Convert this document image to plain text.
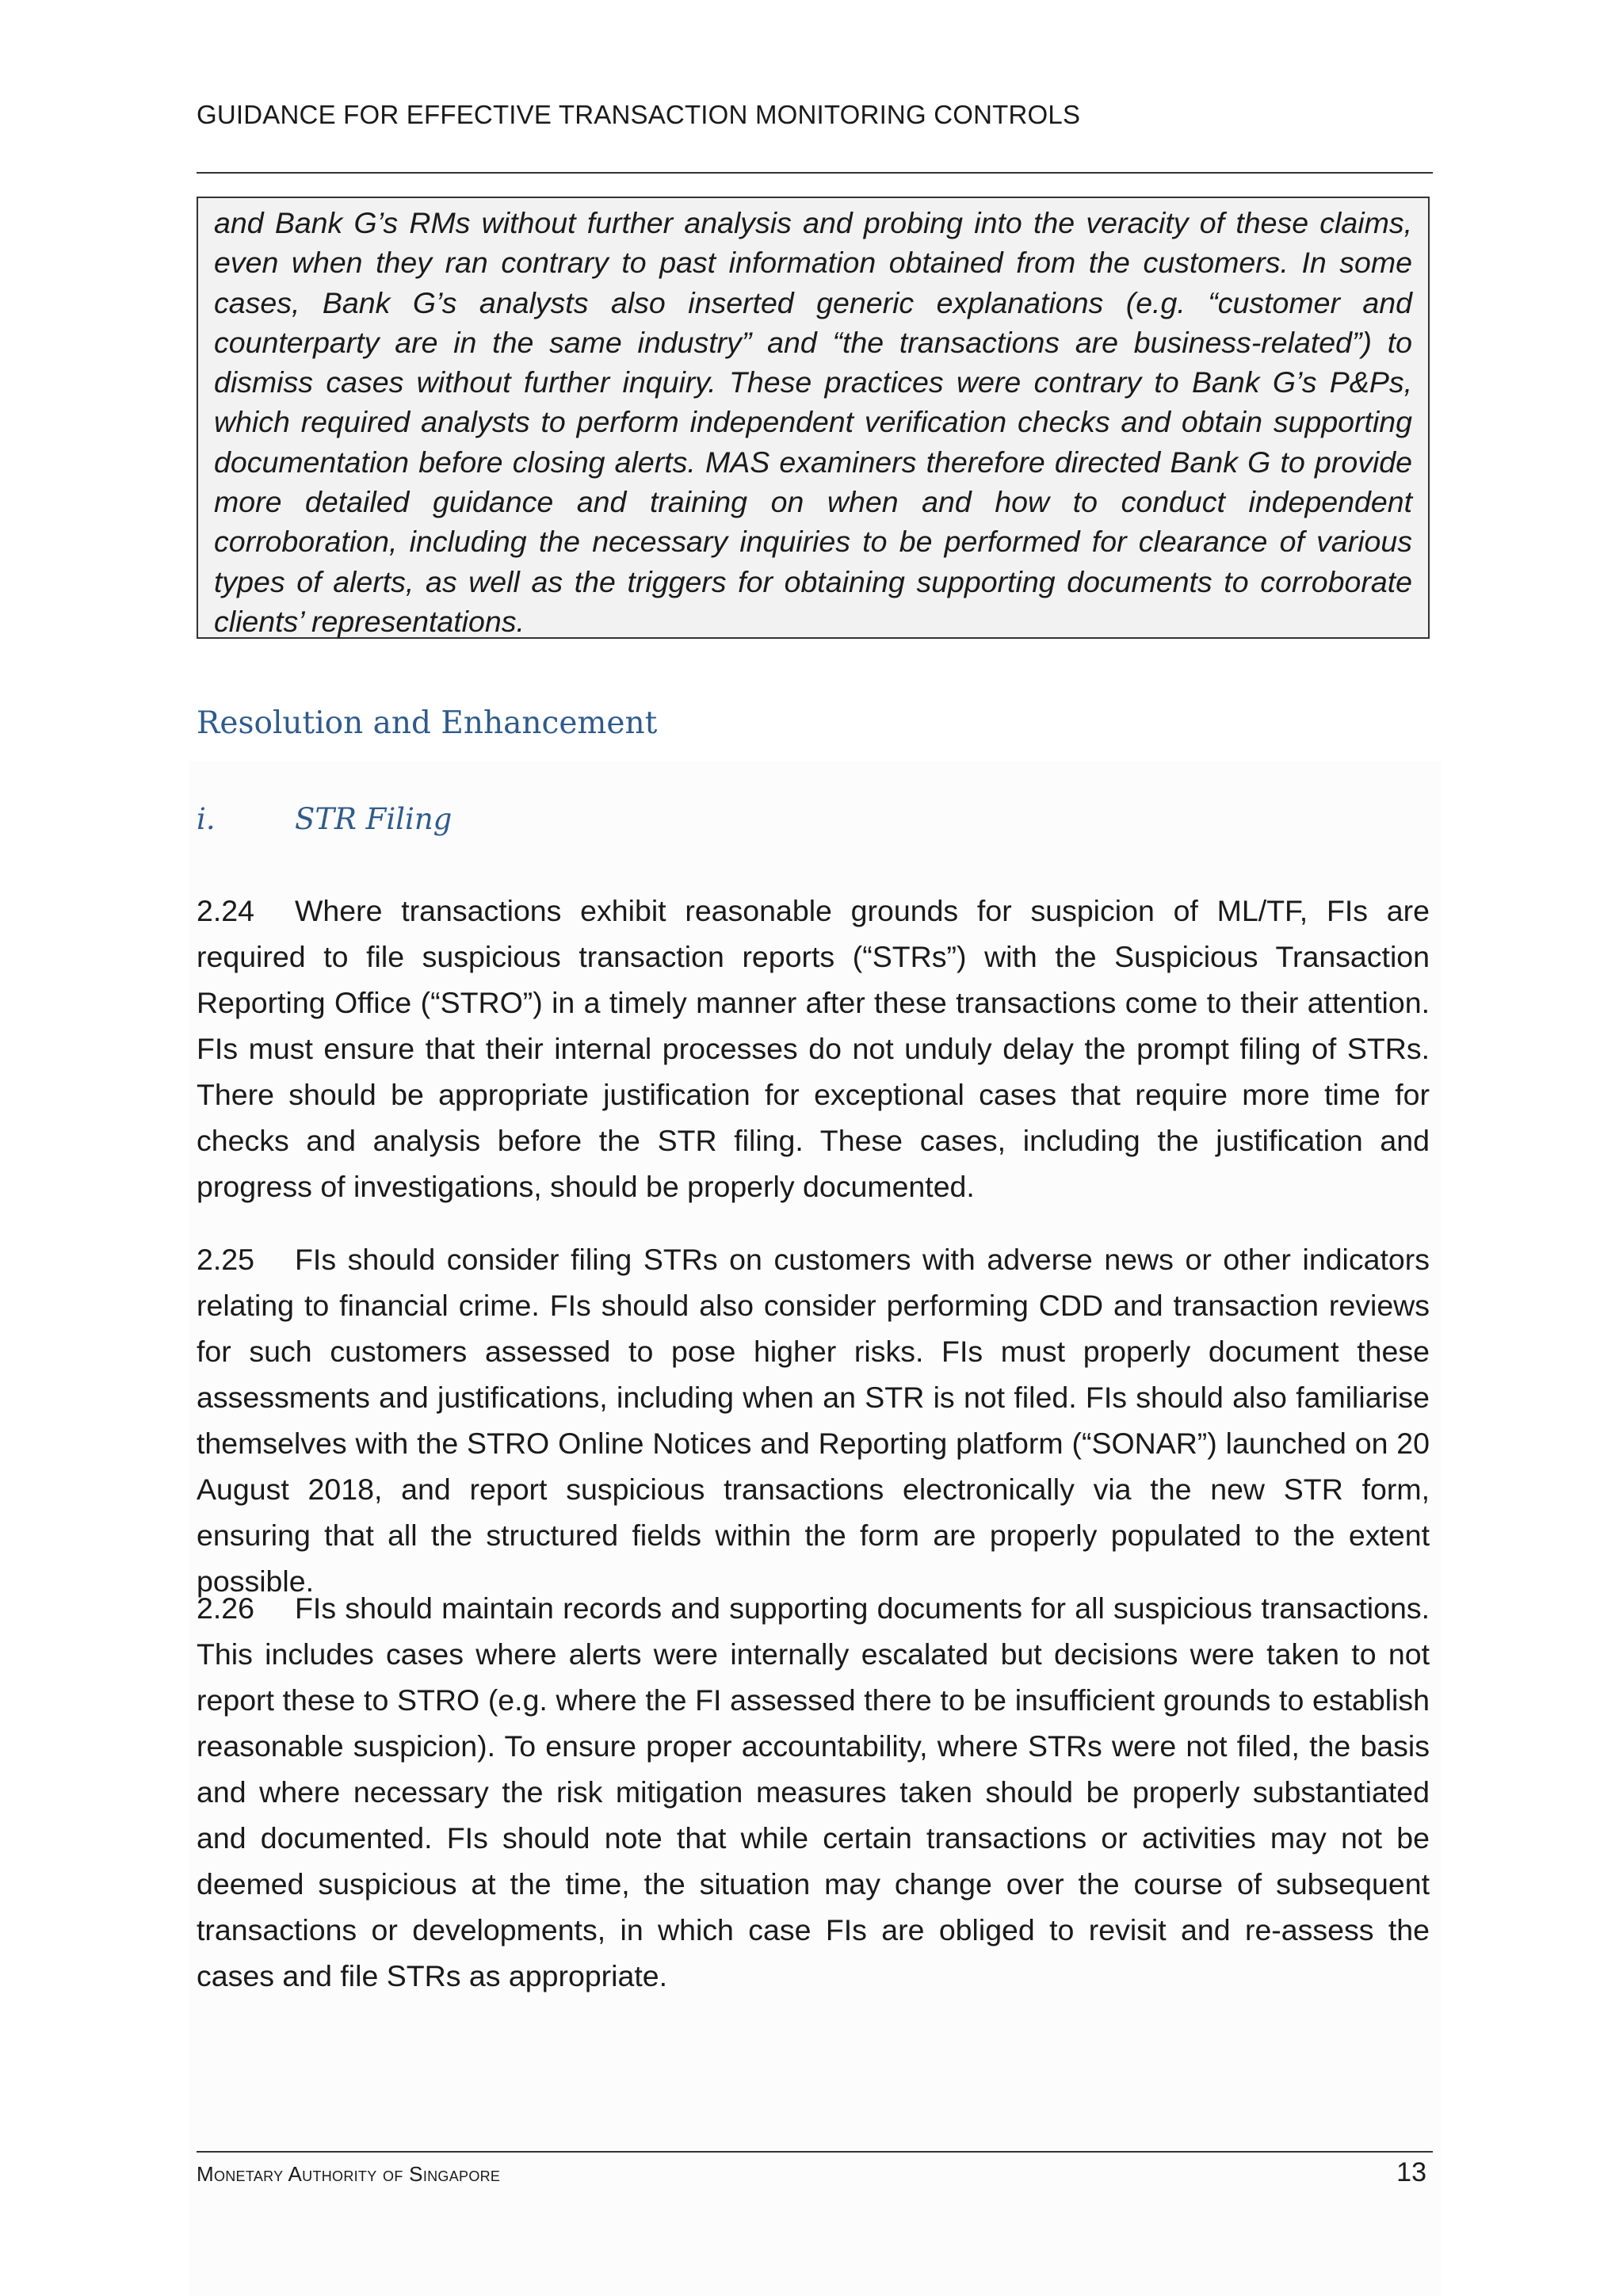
GUIDANCE FOR EFFECTIVE TRANSACTION MONITORING CONTROLS

and Bank G’s RMs without further analysis and probing into the veracity of these claims, even when they ran contrary to past information obtained from the customers. In some cases, Bank G’s analysts also inserted generic explanations (e.g. “customer and counterparty are in the same industry” and “the transactions are business-related”) to dismiss cases without further inquiry. These practices were contrary to Bank G’s P&Ps, which required analysts to perform independent verification checks and obtain supporting documentation before closing alerts. MAS examiners therefore directed Bank G to provide more detailed guidance and training on when and how to conduct independent corroboration, including the necessary inquiries to be performed for clearance of various types of alerts, as well as the triggers for obtaining supporting documents to corroborate clients’ representations.

Resolution and Enhancement
i.	STR Filing

2.24 Where transactions exhibit reasonable grounds for suspicion of ML/TF, FIs are required to file suspicious transaction reports (“STRs”) with the Suspicious Transaction Reporting Office (“STRO”) in a timely manner after these transactions come to their attention. FIs must ensure that their internal processes do not unduly delay the prompt filing of STRs. There should be appropriate justification for exceptional cases that require more time for checks and analysis before the STR filing. These cases, including the justification and progress of investigations, should be properly documented.

2.25 FIs should consider filing STRs on customers with adverse news or other indicators relating to financial crime. FIs should also consider performing CDD and transaction reviews for such customers assessed to pose higher risks. FIs must properly document these assessments and justifications, including when an STR is not filed. FIs should also familiarise themselves with the STRO Online Notices and Reporting platform (“SONAR”) launched on 20 August 2018, and report suspicious transactions electronically via the new STR form, ensuring that all the structured fields within the form are properly populated to the extent possible.

2.26 FIs should maintain records and supporting documents for all suspicious transactions. This includes cases where alerts were internally escalated but decisions were taken to not report these to STRO (e.g. where the FI assessed there to be insufficient grounds to establish reasonable suspicion). To ensure proper accountability, where STRs were not filed, the basis and where necessary the risk mitigation measures taken should be properly substantiated and documented. FIs should note that while certain transactions or activities may not be deemed suspicious at the time, the situation may change over the course of subsequent transactions or developments, in which case FIs are obliged to revisit and re-assess the cases and file STRs as appropriate.

Monetary Authority of Singapore	13
